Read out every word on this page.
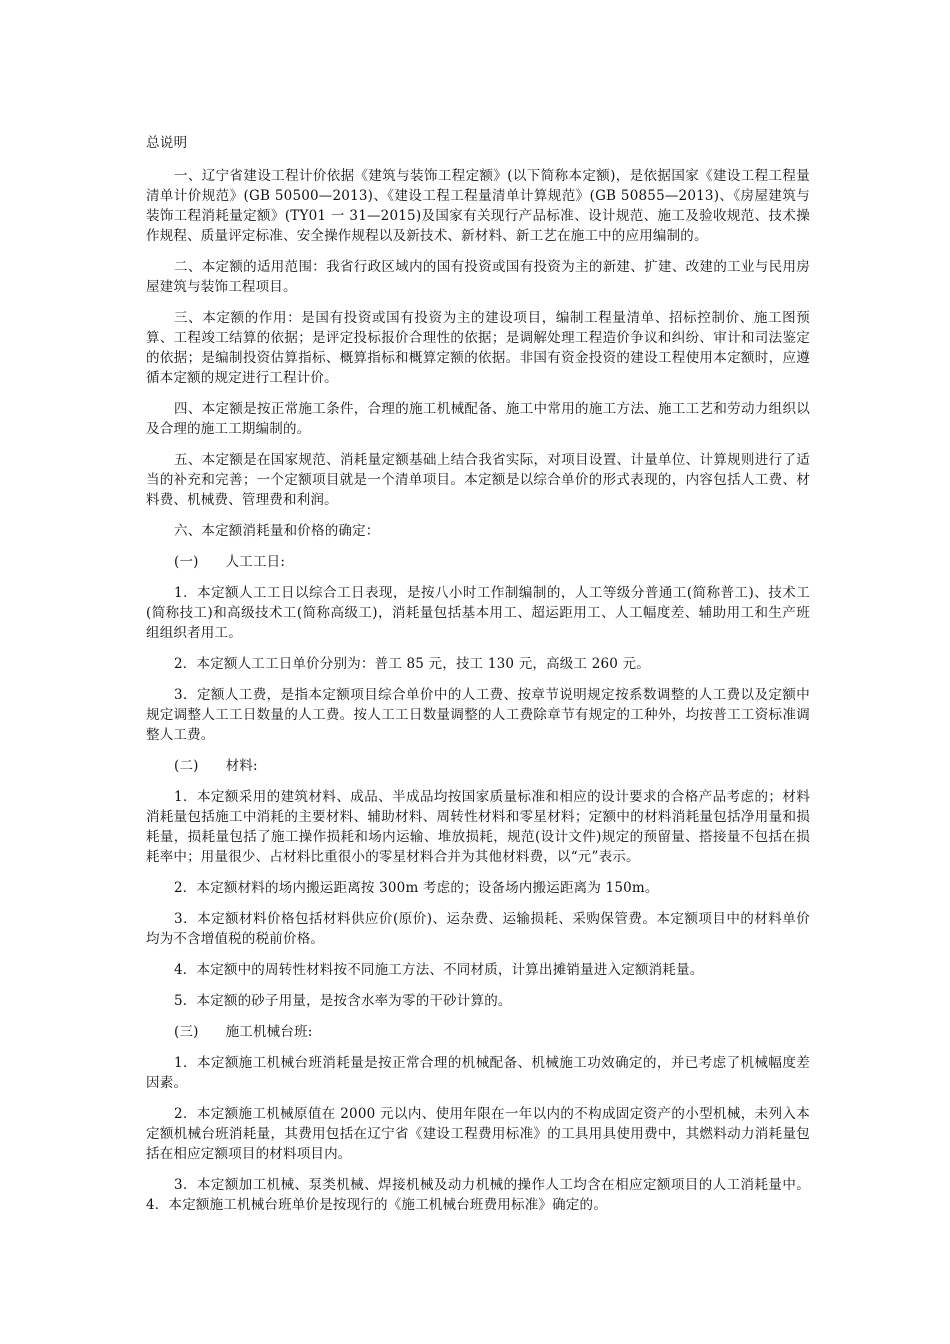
总说明

一、辽宁省建设工程计价依据《建筑与装饰工程定额》(以下简称本定额)，是依据国家《建设工程工程量清单计价规范》(GB 50500—2013)、《建设工程工程量清单计算规范》(GB 50855—2013)、《房屋建筑与装饰工程消耗量定额》(TY01 一 31—2015)及国家有关现行产品标准、设计规范、施工及验收规范、技术操作规程、质量评定标准、安全操作规程以及新技术、新材料、新工艺在施工中的应用编制的。

二、本定额的适用范围：我省行政区域内的国有投资或国有投资为主的新建、扩建、改建的工业与民用房屋建筑与装饰工程项目。

三、本定额的作用：是国有投资或国有投资为主的建设项目，编制工程量清单、招标控制价、施工图预算、工程竣工结算的依据；是评定投标报价合理性的依据；是调解处理工程造价争议和纠纷、审计和司法鉴定的依据；是编制投资估算指标、概算指标和概算定额的依据。非国有资金投资的建设工程使用本定额时，应遵循本定额的规定进行工程计价。

四、本定额是按正常施工条件，合理的施工机械配备、施工中常用的施工方法、施工工艺和劳动力组织以及合理的施工工期编制的。

五、本定额是在国家规范、消耗量定额基础上结合我省实际，对项目设置、计量单位、计算规则进行了适当的补充和完善；一个定额项目就是一个清单项目。本定额是以综合单价的形式表现的，内容包括人工费、材料费、机械费、管理费和利润。

六、本定额消耗量和价格的确定：

(一)      人工工日:

1．本定额人工工日以综合工日表现，是按八小时工作制编制的，人工等级分普通工(简称普工)、技术工(简称技工)和高级技术工(简称高级工)，消耗量包括基本用工、超运距用工、人工幅度差、辅助用工和生产班组组织者用工。

2．本定额人工工日单价分别为：普工 85 元，技工 130 元，高级工 260 元。

3．定额人工费，是指本定额项目综合单价中的人工费、按章节说明规定按系数调整的人工费以及定额中规定调整人工工日数量的人工费。按人工工日数量调整的人工费除章节有规定的工种外，均按普工工资标准调整人工费。

(二)      材料:

1．本定额采用的建筑材料、成品、半成品均按国家质量标准和相应的设计要求的合格产品考虑的；材料消耗量包括施工中消耗的主要材料、辅助材料、周转性材料和零星材料；定额中的材料消耗量包括净用量和损耗量，损耗量包括了施工操作损耗和场内运输、堆放损耗，规范(设计文件)规定的预留量、搭接量不包括在损耗率中；用量很少、占材料比重很小的零星材料合并为其他材料费，以“元”表示。

2．本定额材料的场内搬运距离按 300m 考虑的；设备场内搬运距离为 150m。

3．本定额材料价格包括材料供应价(原价)、运杂费、运输损耗、采购保管费。本定额项目中的材料单价均为不含增值税的税前价格。

4．本定额中的周转性材料按不同施工方法、不同材质，计算出摊销量进入定额消耗量。

5．本定额的砂子用量，是按含水率为零的干砂计算的。

(三)      施工机械台班:

1．本定额施工机械台班消耗量是按正常合理的机械配备、机械施工功效确定的，并已考虑了机械幅度差因素。

2．本定额施工机械原值在 2000 元以内、使用年限在一年以内的不构成固定资产的小型机械，未列入本定额机械台班消耗量，其费用包括在辽宁省《建设工程费用标准》的工具用具使用费中，其燃料动力消耗量包括在相应定额项目的材料项目内。

3．本定额加工机械、泵类机械、焊接机械及动力机械的操作人工均含在相应定额项目的人工消耗量中。4．本定额施工机械台班单价是按现行的《施工机械台班费用标准》确定的。
